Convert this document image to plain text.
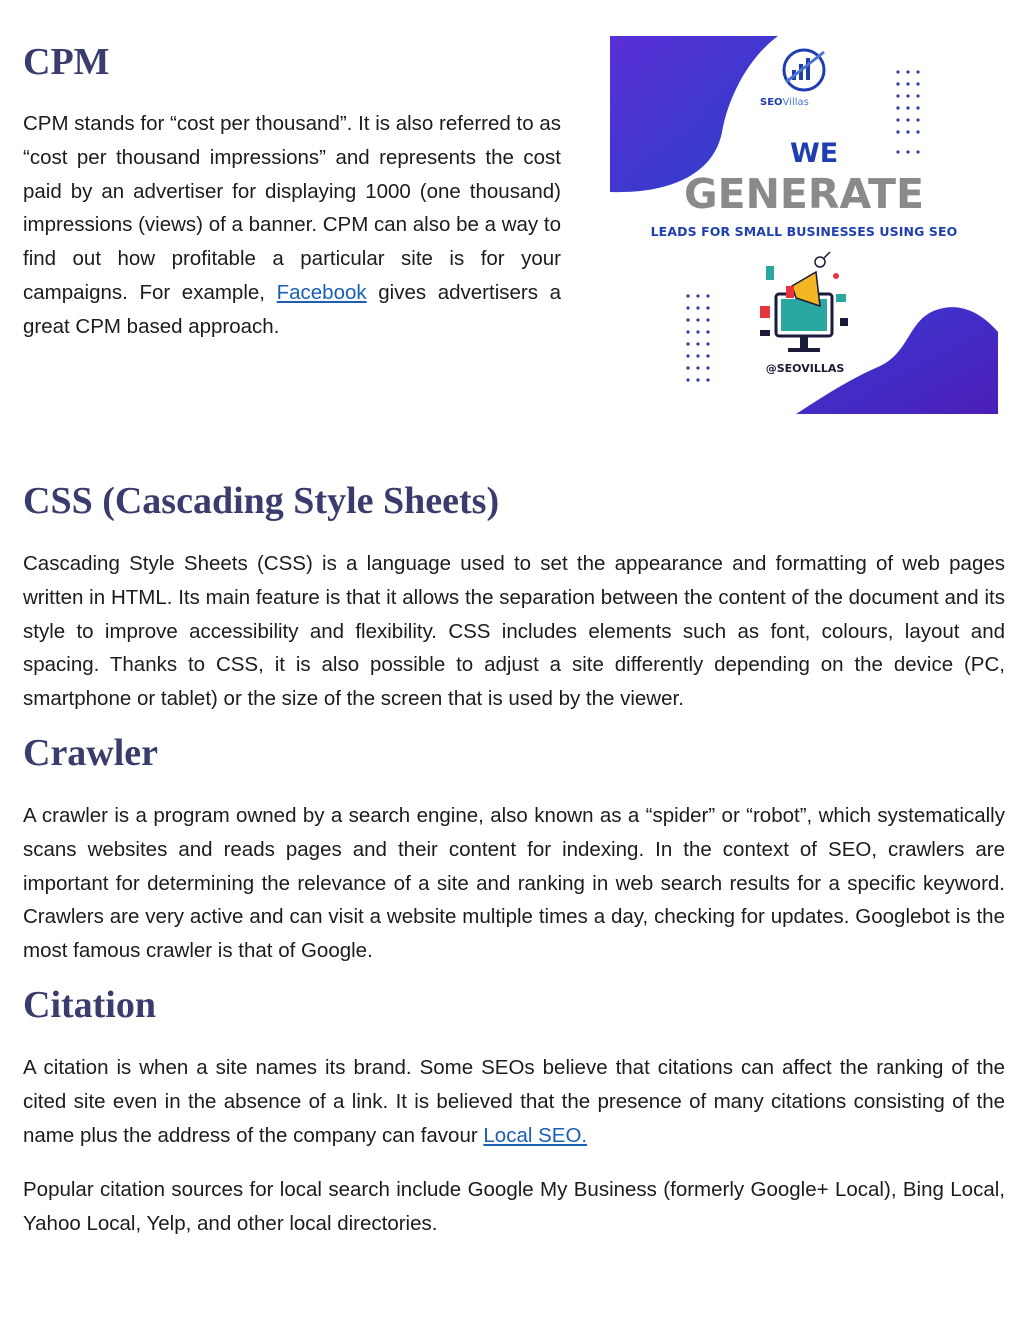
CPM

CPM stands for “cost per thousand”. It is also referred to as “cost per thousand impressions” and represents the cost paid by an advertiser for displaying 1000 (one thousand) impressions (views) of a banner. CPM can also be a way to find out how profitable a particular site is for your campaigns. For example, Facebook gives advertisers a great CPM based approach.

SEOVillas
WE
GENERATE
LEADS FOR SMALL BUSINESSES USING SEO
@SEOVILLAS
CSS (Cascading Style Sheets)

Cascading Style Sheets (CSS) is a language used to set the appearance and formatting of web pages written in HTML. Its main feature is that it allows the separation between the content of the document and its style to improve accessibility and flexibility. CSS includes elements such as font, colours, layout and spacing. Thanks to CSS, it is also possible to adjust a site differently depending on the device (PC, smartphone or tablet) or the size of the screen that is used by the viewer.

Crawler

A crawler is a program owned by a search engine, also known as a “spider” or “robot”, which systematically scans websites and reads pages and their content for indexing. In the context of SEO, crawlers are important for determining the relevance of a site and ranking in web search results for a specific keyword. Crawlers are very active and can visit a website multiple times a day, checking for updates. Googlebot is the most famous crawler is that of Google.

Citation

A citation is when a site names its brand. Some SEOs believe that citations can affect the ranking of the cited site even in the absence of a link. It is believed that the presence of many citations consisting of the name plus the address of the company can favour Local SEO.

Popular citation sources for local search include Google My Business (formerly Google+ Local), Bing Local, Yahoo Local, Yelp, and other local directories.
